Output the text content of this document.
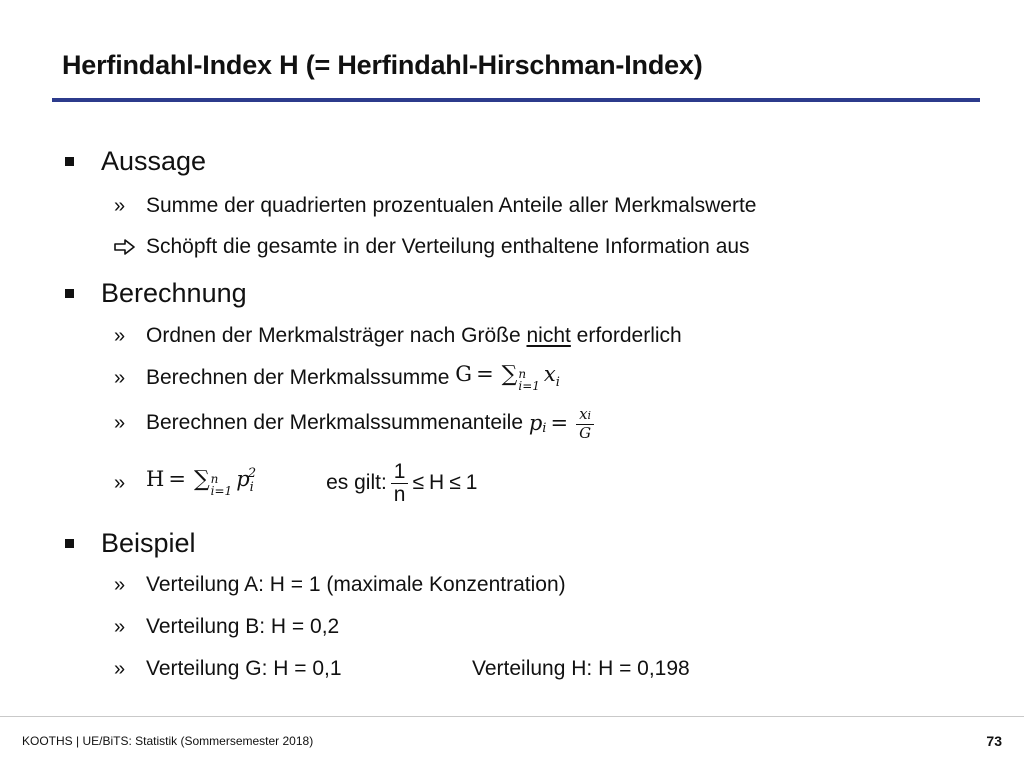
Herfindahl-Index H (= Herfindahl-Hirschman-Index)
Aussage
» Summe der quadrierten prozentualen Anteile aller Merkmalswerte
Schöpft die gesamte in der Verteilung enthaltene Information aus
Berechnung
» Ordnen der Merkmalsträger nach Größe nicht erforderlich
» Berechnen der Merkmalssumme G = ∑ n
i=1 x i
» Berechnen der Merkmalssummenanteile p $i = \frac{xi}{G}$
» H = ∑ n
i=1 p i
2	es gilt: $\frac{1}{n} \le H \le 1$
Beispiel
» Verteilung A: H = 1 (maximale Konzentration)
» Verteilung B: H = 0,2
» Verteilung G: H = 0,1	Verteilung H: H = 0,198
KOOTHS | UE/BiTS: Statistik (Sommersemester 2018)	73
